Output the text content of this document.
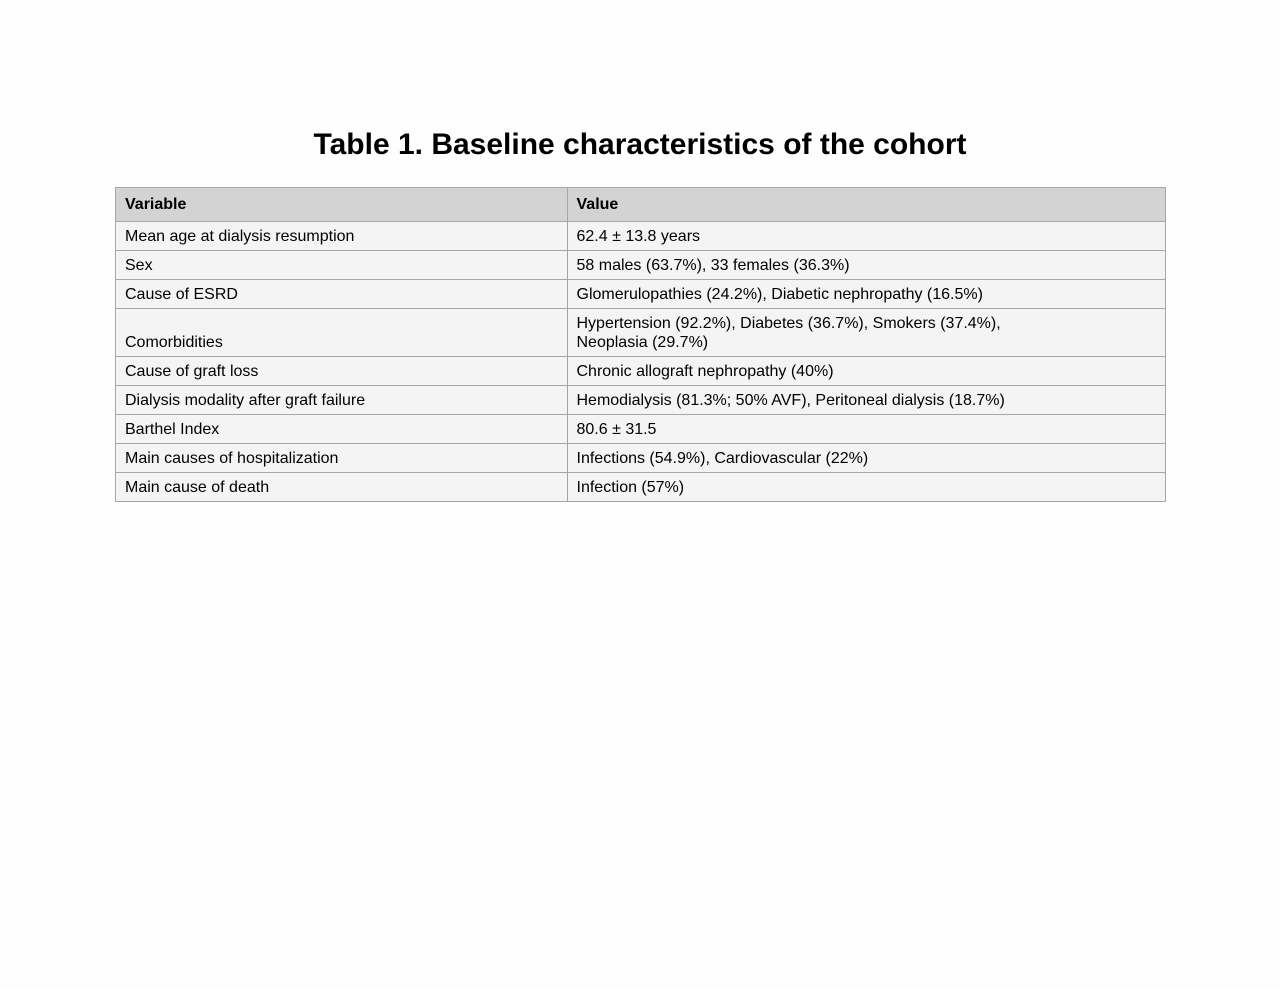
Table 1. Baseline characteristics of the cohort
Variable	Value
Mean age at dialysis resumption	62.4 ± 13.8 years
Sex	58 males (63.7%), 33 females (36.3%)
Cause of ESRD	Glomerulopathies (24.2%), Diabetic nephropathy (16.5%)
Comorbidities	Hypertension (92.2%), Diabetes (36.7%), Smokers (37.4%), Neoplasia (29.7%)
Cause of graft loss	Chronic allograft nephropathy (40%)
Dialysis modality after graft failure	Hemodialysis (81.3%; 50% AVF), Peritoneal dialysis (18.7%)
Barthel Index	80.6 ± 31.5
Main causes of hospitalization	Infections (54.9%), Cardiovascular (22%)
Main cause of death	Infection (57%)
